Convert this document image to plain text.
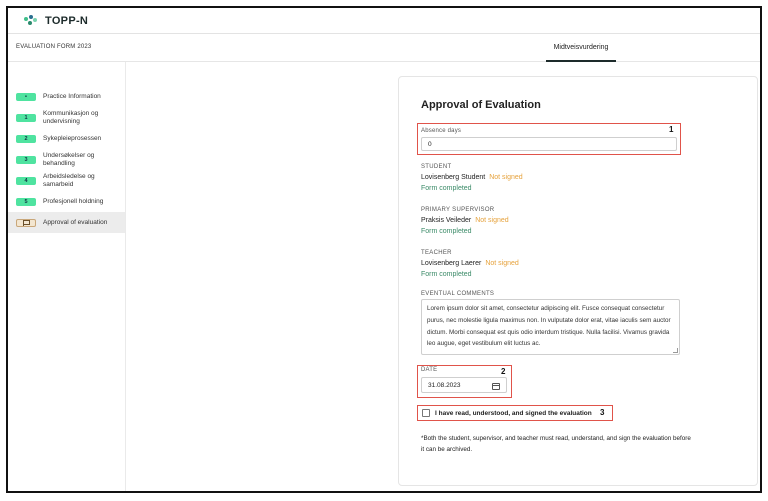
TOPP-N
EVALUATION FORM 2023	Midtveisvurdering
•	Practice Information
1
Kommunikasjon og undervisning
2	Sykepleieprosessen
3
Undersøkelser og behandling
4
Arbeidsledelse og samarbeid
5	Profesjonell holdning
Approval of evaluation
Approval of Evaluation
1
Absence days
0
STUDENT
Lovisenberg Student Not signed
Form completed
PRIMARY SUPERVISOR
Praksis Veileder Not signed
Form completed
TEACHER
Lovisenberg Laerer Not signed
Form completed
EVENTUAL COMMENTS
Lorem ipsum dolor sit amet, consectetur adipiscing elit. Fusce consequat consectetur purus, nec molestie ligula maximus non. In vulputate dolor erat, vitae iaculis sem auctor dictum. Morbi consequat est quis odio interdum tristique. Nulla facilisi. Vivamus gravida leo augue, eget vestibulum elit luctus ac.
2
DATE
31.08.2023
3
I have read, understood, and signed the evaluation
*Both the student, supervisor, and teacher must read, understand, and sign the evaluation before it can be archived.
